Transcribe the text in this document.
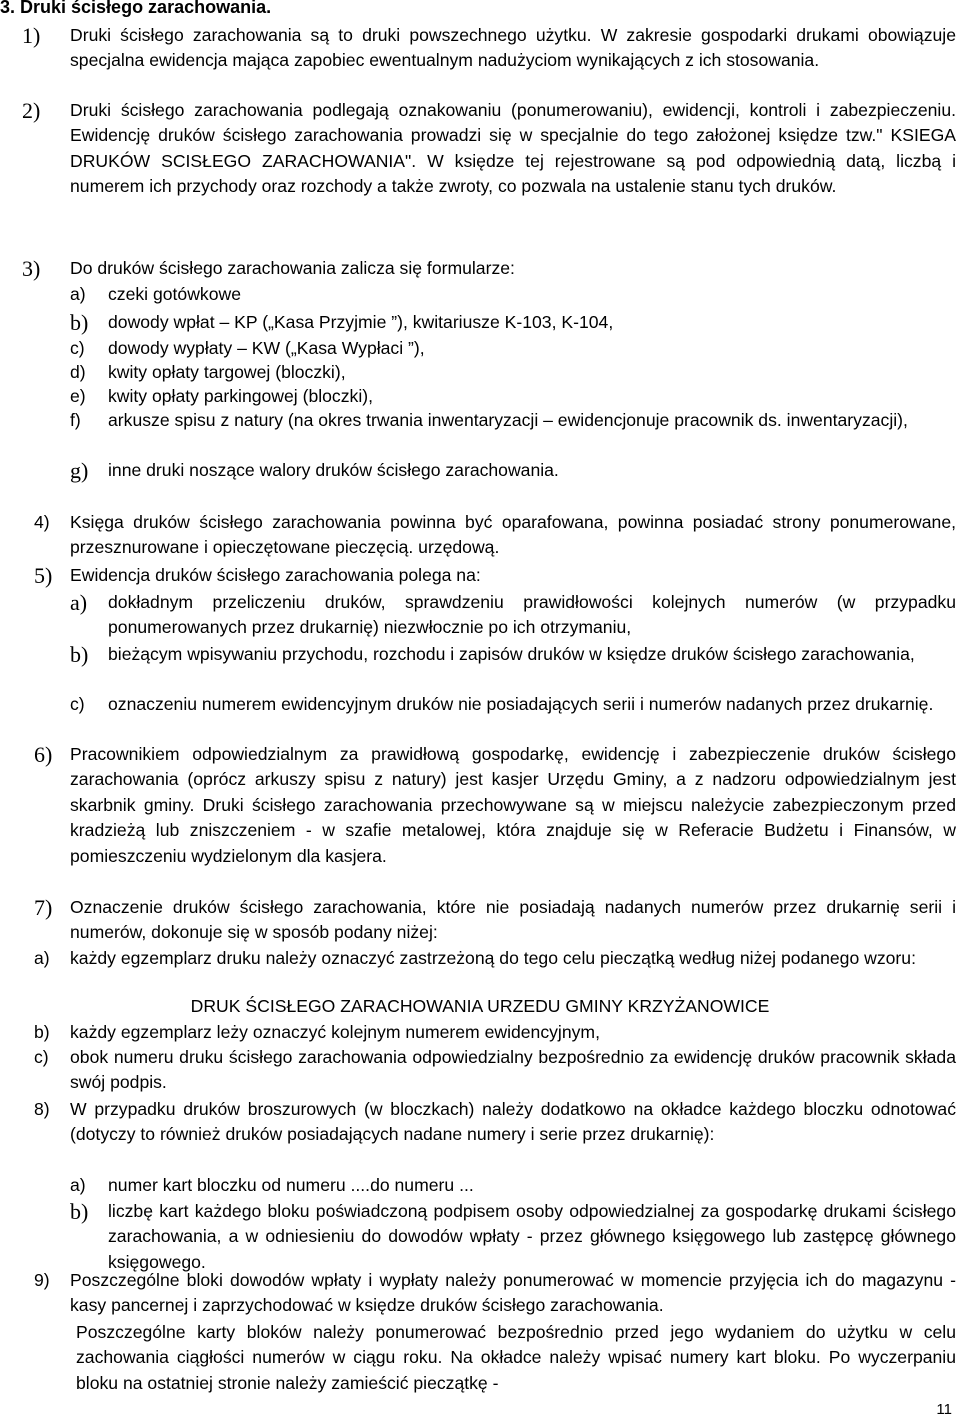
3. Druki ścisłego zarachowania.
1)	Druki ścisłego zarachowania są to druki powszechnego użytku. W zakresie gospodarki drukami obowiązuje specjalna ewidencja mająca zapobiec ewentualnym nadużyciom wynikających z ich stosowania.
2)	Druki ścisłego zarachowania podlegają oznakowaniu (ponumerowaniu), ewidencji, kontroli i zabezpieczeniu. Ewidencję druków ścisłego zarachowania prowadzi się w specjalnie do tego założonej księdze tzw." KSIEGA DRUKÓW SCISŁEGO ZARACHOWANIA". W księdze tej rejestrowane są pod odpowiednią datą, liczbą i numerem ich przychody oraz rozchody a także zwroty, co pozwala na ustalenie stanu tych druków.
3)	Do druków ścisłego zarachowania zalicza się formularze:
a)	czeki gotówkowe
b)	dowody wpłat – KP („Kasa Przyjmie ”), kwitariusze K-103, K-104,
c)	dowody wypłaty – KW („Kasa Wypłaci ”),
d)	kwity opłaty targowej (bloczki),
e)	kwity opłaty parkingowej (bloczki),
f)	arkusze spisu z natury (na okres trwania inwentaryzacji – ewidencjonuje pracownik ds. inwentaryzacji),
g)	inne druki noszące walory druków ścisłego zarachowania.
4)	Księga druków ścisłego zarachowania powinna być oparafowana, powinna posiadać strony ponumerowane, przesznurowane i opieczętowane pieczęcią. urzędową.
5)	Ewidencja druków ścisłego zarachowania polega na:
a)	dokładnym przeliczeniu druków, sprawdzeniu prawidłowości kolejnych numerów (w przypadku ponumerowanych przez drukarnię) niezwłocznie po ich otrzymaniu,
b)	bieżącym wpisywaniu przychodu, rozchodu i zapisów druków w księdze druków ścisłego zarachowania,
c)	oznaczeniu numerem ewidencyjnym druków nie posiadających serii i numerów nadanych przez drukarnię.
6)	Pracownikiem odpowiedzialnym za prawidłową gospodarkę, ewidencję i zabezpieczenie druków ścisłego zarachowania (oprócz arkuszy spisu z natury) jest kasjer Urzędu Gminy, a z nadzoru odpowiedzialnym jest skarbnik gminy. Druki ścisłego zarachowania przechowywane są w miejscu należycie zabezpieczonym przed kradzieżą lub zniszczeniem - w szafie metalowej, która znajduje się w Referacie Budżetu i Finansów, w pomieszczeniu wydzielonym dla kasjera.
7)	Oznaczenie druków ścisłego zarachowania, które nie posiadają nadanych numerów przez drukarnię serii i numerów, dokonuje się w sposób podany niżej:
a)	każdy egzemplarz druku należy oznaczyć zastrzeżoną do tego celu pieczątką według niżej podanego wzoru:
DRUK ŚCISŁEGO ZARACHOWANIA URZEDU GMINY KRZYŻANOWICE
b)	każdy egzemplarz leży oznaczyć kolejnym numerem ewidencyjnym,
c)	obok numeru druku ścisłego zarachowania odpowiedzialny bezpośrednio za ewidencję druków pracownik składa swój podpis.
8)	W przypadku druków broszurowych (w bloczkach) należy dodatkowo na okładce każdego bloczku odnotować (dotyczy to również druków posiadających nadane numery i serie przez drukarnię):
a)	numer kart bloczku od numeru ....do numeru ...
b)	liczbę kart każdego bloku poświadczoną podpisem osoby odpowiedzialnej za gospodarkę drukami ścisłego zarachowania, a w odniesieniu do dowodów wpłaty - przez głównego księgowego lub zastępcę głównego księgowego.
9)	Poszczególne bloki dowodów wpłaty i wypłaty należy ponumerować w momencie przyjęcia ich do magazynu - kasy pancernej i zaprzychodować w księdze druków ścisłego zarachowania.
Poszczególne karty bloków należy ponumerować bezpośrednio przed jego wydaniem do użytku w celu zachowania ciągłości numerów w ciągu roku. Na okładce należy wpisać numery kart bloku. Po wyczerpaniu bloku na ostatniej stronie należy zamieścić pieczątkę -
11
